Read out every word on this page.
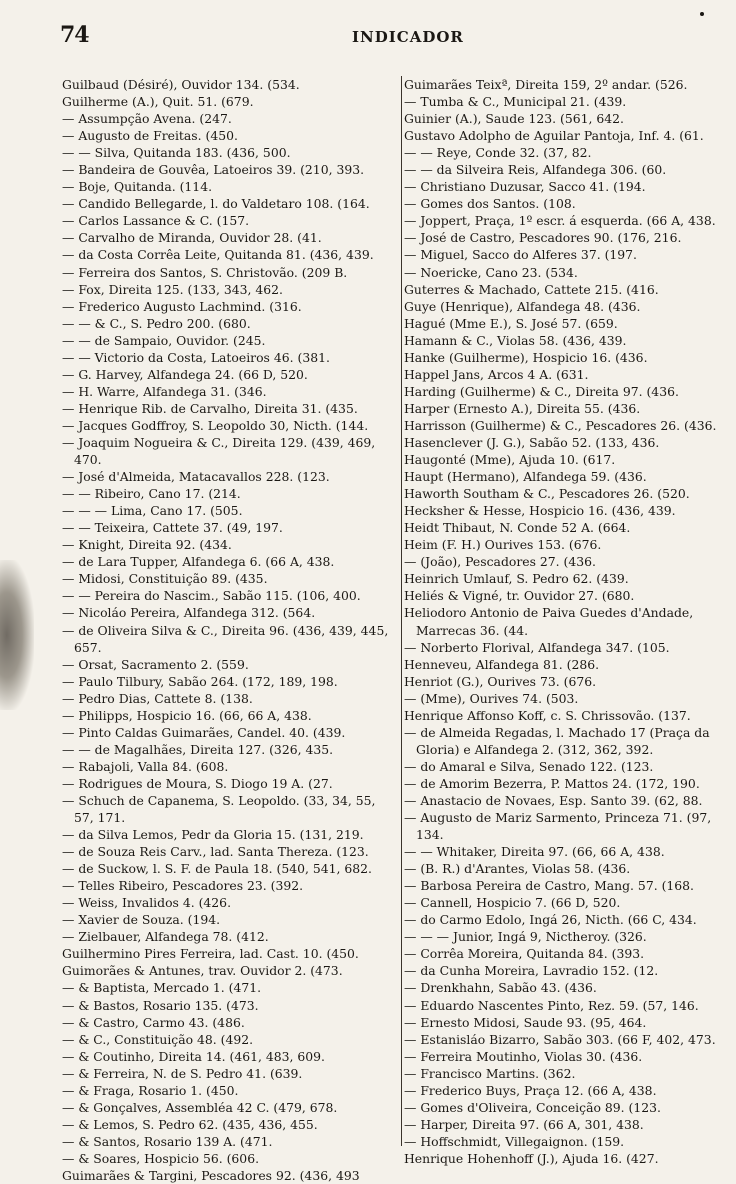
74	INDICADOR
Guilbaud (Désiré), Ouvidor 134. (534.
Guilherme (A.), Quit. 51. (679.
— Assumpção Avena. (247.
— Augusto de Freitas. (450.
— — Silva, Quitanda 183. (436, 500.
— Bandeira de Gouvêa, Latoeiros 39. (210, 393.
— Boje, Quitanda. (114.
— Candido Bellegarde, l. do Valdetaro 108. (164.
— Carlos Lassance & C. (157.
— Carvalho de Miranda, Ouvidor 28. (41.
— da Costa Corrêa Leite, Quitanda 81. (436, 439.
— Ferreira dos Santos, S. Christovão. (209 B.
— Fox, Direita 125. (133, 343, 462.
— Frederico Augusto Lachmind. (316.
— — & C., S. Pedro 200. (680.
— — de Sampaio, Ouvidor. (245.
— — Victorio da Costa, Latoeiros 46. (381.
— G. Harvey, Alfandega 24. (66 D, 520.
— H. Warre, Alfandega 31. (346.
— Henrique Rib. de Carvalho, Direita 31. (435.
— Jacques Godffroy, S. Leopoldo 30, Nicth. (144.
— Joaquim Nogueira & C., Direita 129. (439, 469, 470.
— José d'Almeida, Matacavallos 228. (123.
— — Ribeiro, Cano 17. (214.
— — — Lima, Cano 17. (505.
— — Teixeira, Cattete 37. (49, 197.
— Knight, Direita 92. (434.
— de Lara Tupper, Alfandega 6. (66 A, 438.
— Midosi, Constituição 89. (435.
— — Pereira do Nascim., Sabão 115. (106, 400.
— Nicoláo Pereira, Alfandega 312. (564.
— de Oliveira Silva & C., Direita 96. (436, 439, 445, 657.
— Orsat, Sacramento 2. (559.
— Paulo Tilbury, Sabão 264. (172, 189, 198.
— Pedro Dias, Cattete 8. (138.
— Philipps, Hospicio 16. (66, 66 A, 438.
— Pinto Caldas Guimarães, Candel. 40. (439.
— — de Magalhães, Direita 127. (326, 435.
— Rabajoli, Valla 84. (608.
— Rodrigues de Moura, S. Diogo 19 A. (27.
— Schuch de Capanema, S. Leopoldo. (33, 34, 55, 57, 171.
— da Silva Lemos, Pedr da Gloria 15. (131, 219.
— de Souza Reis Carv., lad. Santa Thereza. (123.
— de Suckow, l. S. F. de Paula 18. (540, 541, 682.
— Telles Ribeiro, Pescadores 23. (392.
— Weiss, Invalidos 4. (426.
— Xavier de Souza. (194.
— Zielbauer, Alfandega 78. (412.
Guilhermino Pires Ferreira, lad. Cast. 10. (450.
Guimorães & Antunes, trav. Ouvidor 2. (473.
— & Baptista, Mercado 1. (471.
— & Bastos, Rosario 135. (473.
— & Castro, Carmo 43. (486.
— & C., Constituição 48. (492.
— & Coutinho, Direita 14. (461, 483, 609.
— & Ferreira, N. de S. Pedro 41. (639.
— & Fraga, Rosario 1. (450.
— & Gonçalves, Assembléa 42 C. (479, 678.
— & Lemos, S. Pedro 62. (435, 436, 455.
— & Santos, Rosario 139 A. (471.
— & Soares, Hospicio 56. (606.
Guimarães & Targini, Pescadores 92. (436, 493
Guimarães Teixª, Direita 159, 2º andar. (526.
— Tumba & C., Municipal 21. (439.
Guinier (A.), Saude 123. (561, 642.
Gustavo Adolpho de Aguilar Pantoja, Inf. 4. (61.
— — Reye, Conde 32. (37, 82.
— — da Silveira Reis, Alfandega 306. (60.
— Christiano Duzusar, Sacco 41. (194.
— Gomes dos Santos. (108.
— Joppert, Praça, 1º escr. á esquerda. (66 A, 438.
— José de Castro, Pescadores 90. (176, 216.
— Miguel, Sacco do Alferes 37. (197.
— Noericke, Cano 23. (534.
Guterres & Machado, Cattete 215. (416.
Guye (Henrique), Alfandega 48. (436.
Hagué (Mme E.), S. José 57. (659.
Hamann & C., Violas 58. (436, 439.
Hanke (Guilherme), Hospicio 16. (436.
Happel Jans, Arcos 4 A. (631.
Harding (Guilherme) & C., Direita 97. (436.
Harper (Ernesto A.), Direita 55. (436.
Harrisson (Guilherme) & C., Pescadores 26. (436.
Hasenclever (J. G.), Sabão 52. (133, 436.
Haugonté (Mme), Ajuda 10. (617.
Haupt (Hermano), Alfandega 59. (436.
Haworth Southam & C., Pescadores 26. (520.
Hecksher & Hesse, Hospicio 16. (436, 439.
Heidt Thibaut, N. Conde 52 A. (664.
Heim (F. H.) Ourives 153. (676.
— (João), Pescadores 27. (436.
Heinrich Umlauf, S. Pedro 62. (439.
Heliés & Vigné, tr. Ouvidor 27. (680.
Heliodoro Antonio de Paiva Guedes d'Andade, Marrecas 36. (44.
— Norberto Florival, Alfandega 347. (105.
Henneveu, Alfandega 81. (286.
Henriot (G.), Ourives 73. (676.
— (Mme), Ourives 74. (503.
Henrique Affonso Koff, c. S. Chrissovão. (137.
— de Almeida Regadas, l. Machado 17 (Praça da Gloria) e Alfandega 2. (312, 362, 392.
— do Amaral e Silva, Senado 122. (123.
— de Amorim Bezerra, P. Mattos 24. (172, 190.
— Anastacio de Novaes, Esp. Santo 39. (62, 88.
— Augusto de Mariz Sarmento, Princeza 71. (97, 134.
— — Whitaker, Direita 97. (66, 66 A, 438.
— (B. R.) d'Arantes, Violas 58. (436.
— Barbosa Pereira de Castro, Mang. 57. (168.
— Cannell, Hospicio 7. (66 D, 520.
— do Carmo Edolo, Ingá 26, Nicth. (66 C, 434.
— — — Junior, Ingá 9, Nictheroy. (326.
— Corrêa Moreira, Quitanda 84. (393.
— da Cunha Moreira, Lavradio 152. (12.
— Drenkhahn, Sabão 43. (436.
— Eduardo Nascentes Pinto, Rez. 59. (57, 146.
— Ernesto Midosi, Saude 93. (95, 464.
— Estanisláo Bizarro, Sabão 303. (66 F, 402, 473.
— Ferreira Moutinho, Violas 30. (436.
— Francisco Martins. (362.
— Frederico Buys, Praça 12. (66 A, 438.
— Gomes d'Oliveira, Conceição 89. (123.
— Harper, Direita 97. (66 A, 301, 438.
— Hoffschmidt, Villegaignon. (159.
Henrique Hohenhoff (J.), Ajuda 16. (427.
